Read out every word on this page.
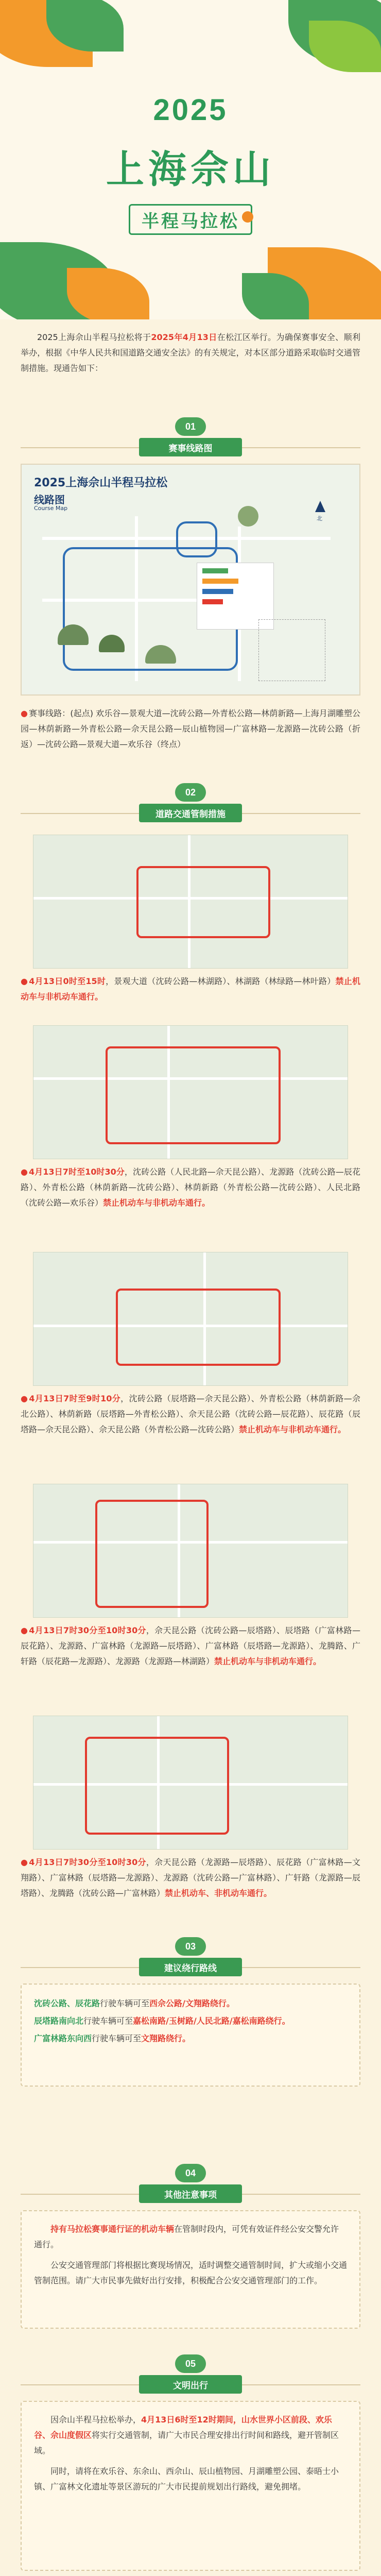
2025
上海佘山
半程马拉松
2025上海佘山半程马拉松将于2025年4月13日在松江区举行。为确保赛事安全、顺利举办，根据《中华人民共和国道路交通安全法》的有关规定，对本区部分道路采取临时交通管制措施。现通告如下：
01
赛事线路图
2025上海佘山半程马拉松
线路图
Course Map
北
● 赛事线路：(起点) 欢乐谷—景观大道—沈砖公路—外青松公路—林荫新路—上海月湖雕塑公园—林荫新路—外青松公路—佘天昆公路—辰山植物园—广富林路—龙源路—沈砖公路（折返）—沈砖公路—景观大道—欢乐谷（终点）
02
道路交通管制措施
● 4月13日0时至15时，景观大道（沈砖公路—林湖路）、林湖路（林绿路—林叶路）禁止机动车与非机动车通行。
● 4月13日7时至10时30分，沈砖公路（人民北路—佘天昆公路）、龙源路（沈砖公路—辰花路）、外青松公路（林荫新路—沈砖公路）、林荫新路（外青松公路—沈砖公路）、人民北路（沈砖公路—欢乐谷）禁止机动车与非机动车通行。
● 4月13日7时至9时10分，沈砖公路（辰塔路—佘天昆公路）、外青松公路（林荫新路—佘北公路）、林荫新路（辰塔路—外青松公路）、佘天昆公路（沈砖公路—辰花路）、辰花路（辰塔路—佘天昆公路）、佘天昆公路（外青松公路—沈砖公路）禁止机动车与非机动车通行。
● 4月13日7时30分至10时30分，佘天昆公路（沈砖公路—辰塔路）、辰塔路（广富林路—辰花路）、龙源路、广富林路（龙源路—辰塔路）、广富林路（辰塔路—龙源路）、龙腾路、广轩路（辰花路—龙源路）、龙源路（龙源路—林湖路）禁止机动车与非机动车通行。
● 4月13日7时30分至10时30分，佘天昆公路（龙源路—辰塔路）、辰花路（广富林路—文翔路）、广富林路（辰塔路—龙源路）、龙源路（沈砖公路—广富林路）、广轩路（龙源路—辰塔路）、龙腾路（沈砖公路—广富林路）禁止机动车、非机动车通行。
03
建议绕行路线
沈砖公路、辰花路行驶车辆可至西佘公路/文翔路绕行。
辰塔路南向北行驶车辆可至嘉松南路/玉树路/人民北路/嘉松南路绕行。
广富林路东向西行驶车辆可至文翔路绕行。
04
其他注意事项

持有马拉松赛事通行证的机动车辆在管制时段内，可凭有效证件经公安交警允许通行。

公安交通管理部门将根据比赛现场情况，适时调整交通管制时间，扩大或缩小交通管制范围。请广大市民事先做好出行安排，积极配合公安交通管理部门的工作。

05
文明出行

因佘山半程马拉松举办，4月13日6时至12时期间，山水世界小区前段、欢乐谷、佘山度假区将实行交通管制，请广大市民合理安排出行时间和路线，避开管制区域。

同时，请将在欢乐谷、东余山、西佘山、辰山植物园、月湖雕塑公园、泰晤士小镇、广富林文化遗址等景区游玩的广大市民提前规划出行路线，避免拥堵。
